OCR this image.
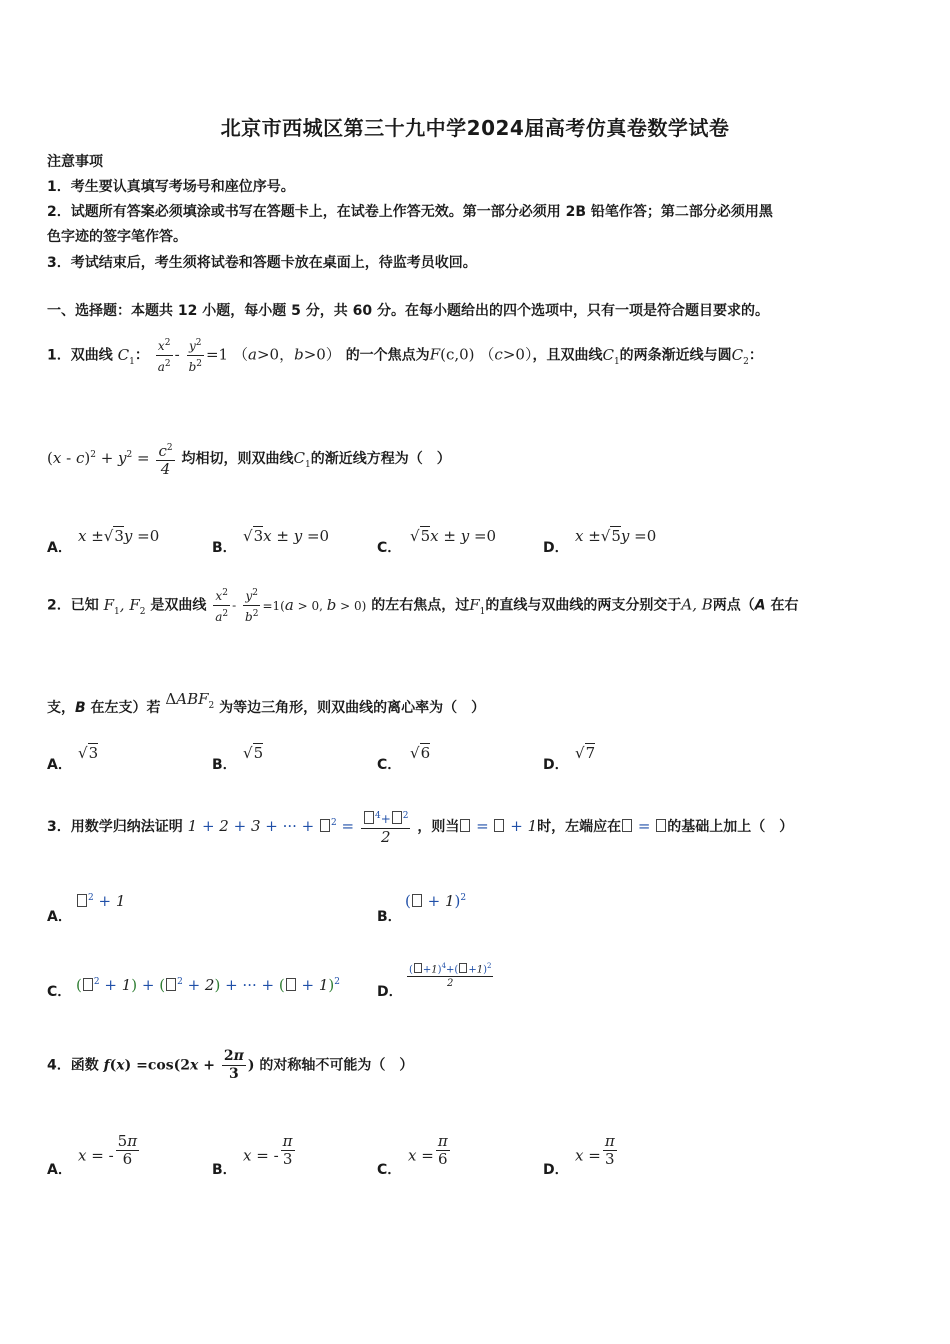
北京市西城区第三十九中学2024届高考仿真卷数学试卷
注意事项
1．考生要认真填写考场号和座位序号。
2．试题所有答案必须填涂或书写在答题卡上，在试卷上作答无效。第一部分必须用 2B 铅笔作答；第二部分必须用黑
色字迹的签字笔作答。
3．考试结束后，考生须将试卷和答题卡放在桌面上，待监考员收回。
一、选择题：本题共 12 小题，每小题 5 分，共 60 分。在每小题给出的四个选项中，只有一项是符合题目要求的。
1．双曲线 $C_1$： $\frac{x^2}{a^2} - \frac{y^2}{b^2} =1$ （a>0，b>0） 的一个焦点为F(c,0) （c>0），且双曲线$C_1$的两条渐近线与圆$C_2$：
$(x - c)^2 + y^2 = \frac{c^2}{4}$ 均相切，则双曲线$C_1$的渐近线方程为（　）
A．
x ±√3y =0
B．
√3x ± y =0
C．
√5x ± y =0
D．
x ±√5y =0
2．已知 $F_1$, $F_2$ 是双曲线 $\frac{x^2}{a^2} - \frac{y^2}{b^2} =1(a > 0$, b > 0) 的左右焦点，过$F_1$的直线与双曲线的两支分别交于A, B两点（A 在右
支，B 在左支）若 $\Delta ABF_2$ 为等边三角形，则双曲线的离心率为（　）
A．
√3
B．
√5
C．
√6
D．
√7
3．用数学归纳法证明 1 + 2 + 3 + ··· + $^2 = \frac{^4+ ^2}{2}$ ，则当 =  + 1时，左端应在 = 的基础上加上（　）
A．
$^2$ + 1
B．
( + 1)$^2$
C． ( $^2$ + 1) + ( $^2$ + 2) + ··· + ( + 1)$^2$
D．
$\frac{( +1)^4+( +1)^2}{2}$
4．函数 $f(x) =\cos(2x + \frac{2\pi}{3}$ ) 的对称轴不可能为（　）
A．
x = - $\frac{5\pi}{6}$
B．
x = - $\frac{\pi}{3}$
C．
$x = \frac{\pi}{6}$
D．
$x = \frac{\pi}{3}$
